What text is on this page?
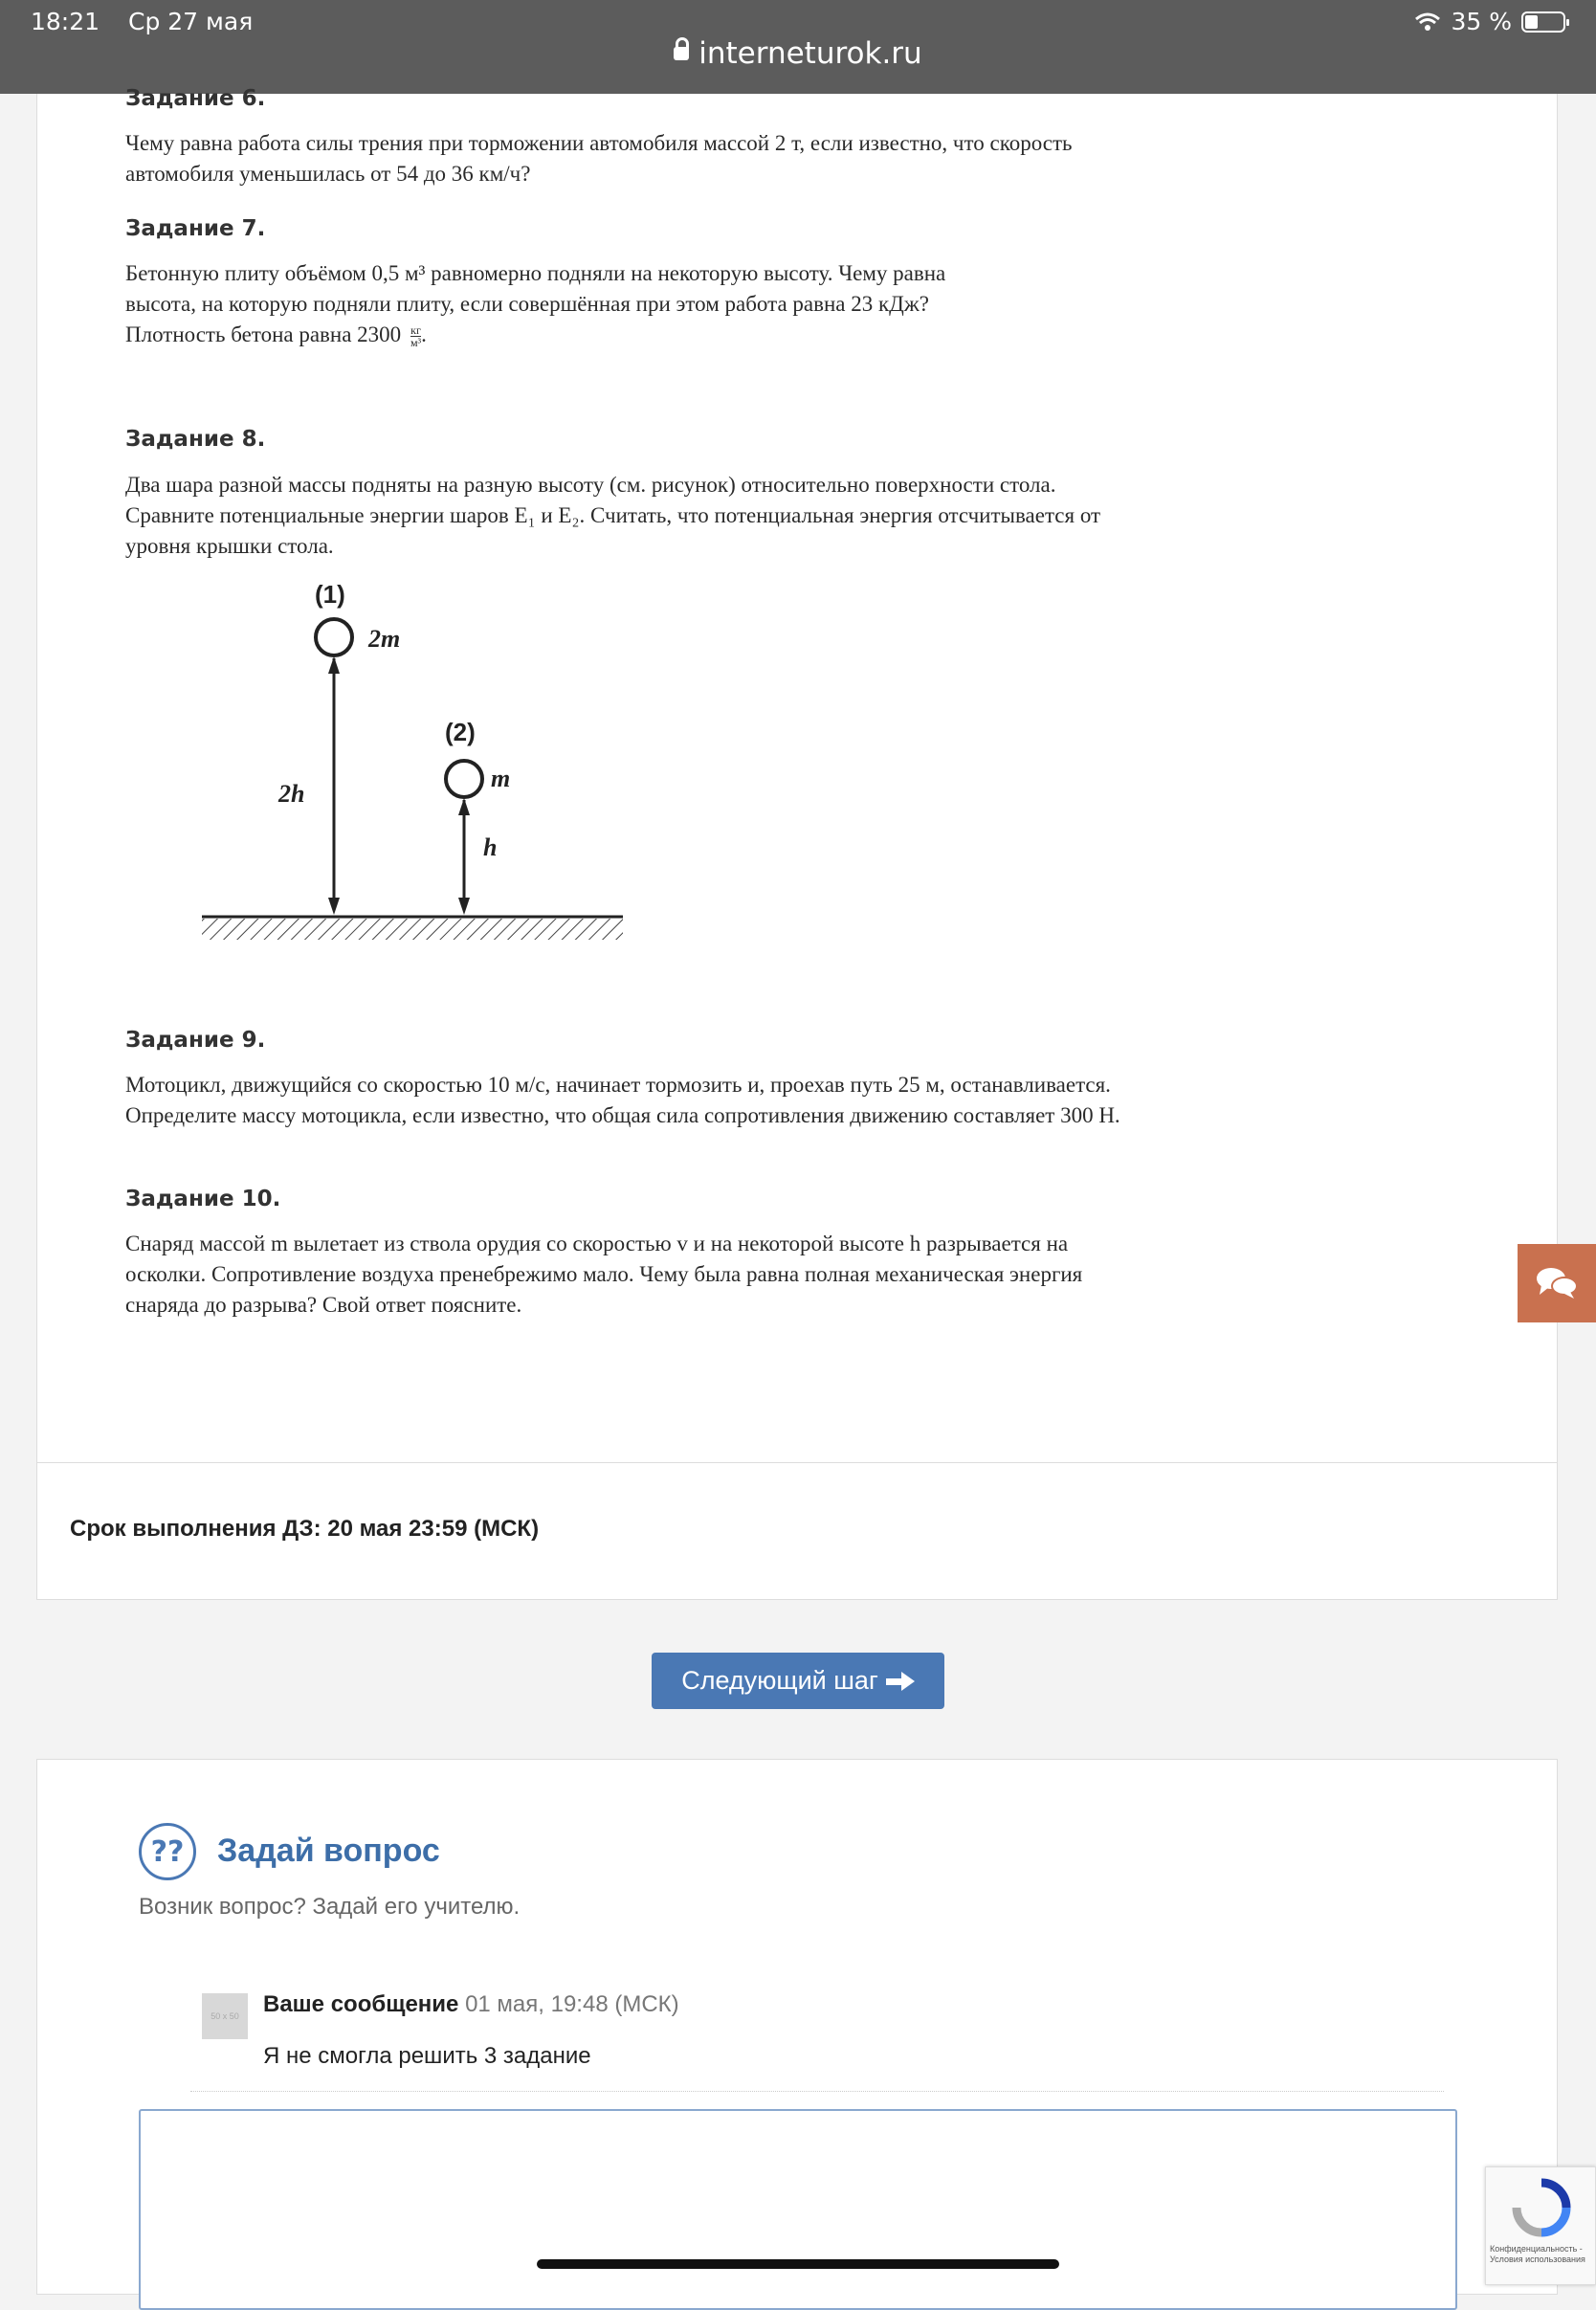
18:21 Ср 27 мая	35 %
interneturok.ru
Задание 6.
Чему равна работа силы трения при торможении автомобиля массой 2 т, если известно, что скорость автомобиля уменьшилась от 54 до 36 км/ч?
Задание 7.
Бетонную плиту объёмом 0,5 м³ равномерно подняли на некоторую высоту. Чему равна
высота, на которую подняли плиту, если совершённая при этом работа равна 23 кДж?
Плотность бетона равна 2300 кг
м³ .
Задание 8.
Два шара разной массы подняты на разную высоту (см. рисунок) относительно поверхности стола. Сравните потенциальные энергии шаров E₁ и E₂. Считать, что потенциальная энергия отсчитывается от уровня крышки стола.
(1)
2m
2h
(2)
m
h
Задание 9.
Мотоцикл, движущийся со скоростью 10 м/с, начинает тормозить и, проехав путь 25 м, останавливается. Определите массу мотоцикла, если известно, что общая сила сопротивления движению составляет 300 Н.
Задание 10.
Снаряд массой m вылетает из ствола орудия со скоростью v и на некоторой высоте h разрывается на осколки. Сопротивление воздуха пренебрежимо мало. Чему была равна полная механическая энергия снаряда до разрыва? Свой ответ поясните.
Срок выполнения ДЗ: 20 мая 23:59 (МСК)
Следующий шаг
??	Задай вопрос
Возник вопрос? Задай его учителю.
50 x 50	Ваше сообщение 01 мая, 19:48 (МСК)
Я не смогла решить 3 задание
Конфиденциальность - Условия использования
